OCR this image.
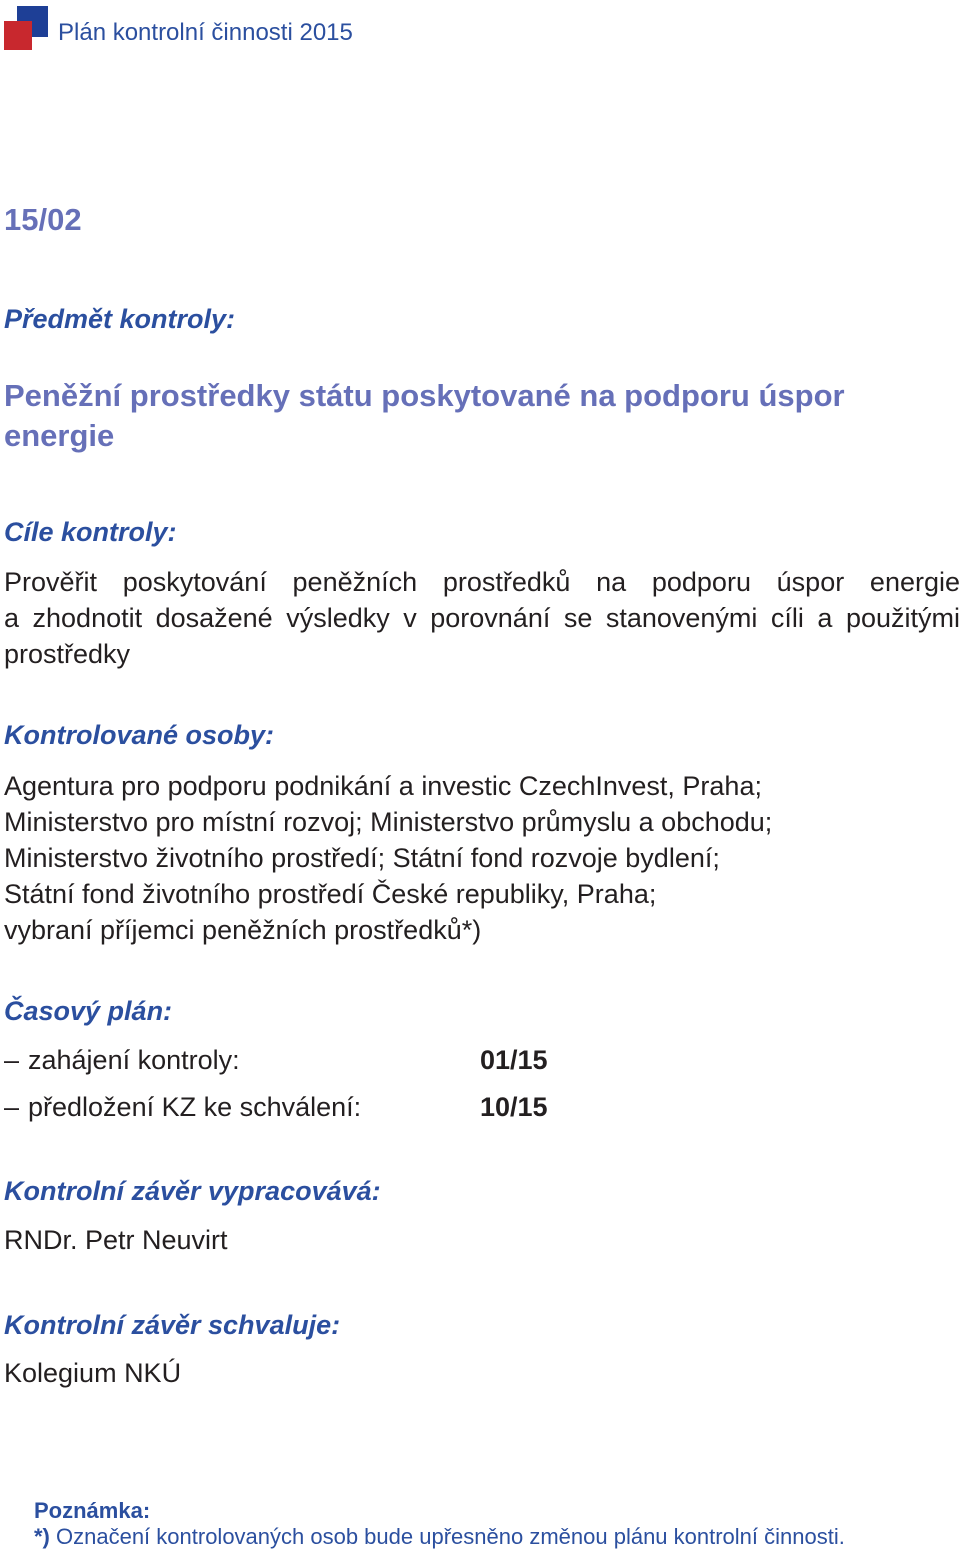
Plán kontrolní činnosti 2015
15/02
Předmět kontroly:
Peněžní prostředky státu poskytované na podporu úspor energie
Cíle kontroly:
Prověřit poskytování peněžních prostředků na podporu úspor energie
a zhodnotit dosažené výsledky v porovnání se stanovenými cíli a použitými
prostředky
Kontrolované osoby:
Agentura pro podporu podnikání a investic CzechInvest, Praha;
Ministerstvo pro místní rozvoj; Ministerstvo průmyslu a obchodu;
Ministerstvo životního prostředí; Státní fond rozvoje bydlení;
Státní fond životního prostředí České republiky, Praha;
vybraní příjemci peněžních prostředků*)
Časový plán:
– zahájení kontroly:	01/15
– předložení KZ ke schválení:	10/15
Kontrolní závěr vypracovává:
RNDr. Petr Neuvirt
Kontrolní závěr schvaluje:
Kolegium NKÚ
Poznámka:
*) Označení kontrolovaných osob bude upřesněno změnou plánu kontrolní činnosti.
